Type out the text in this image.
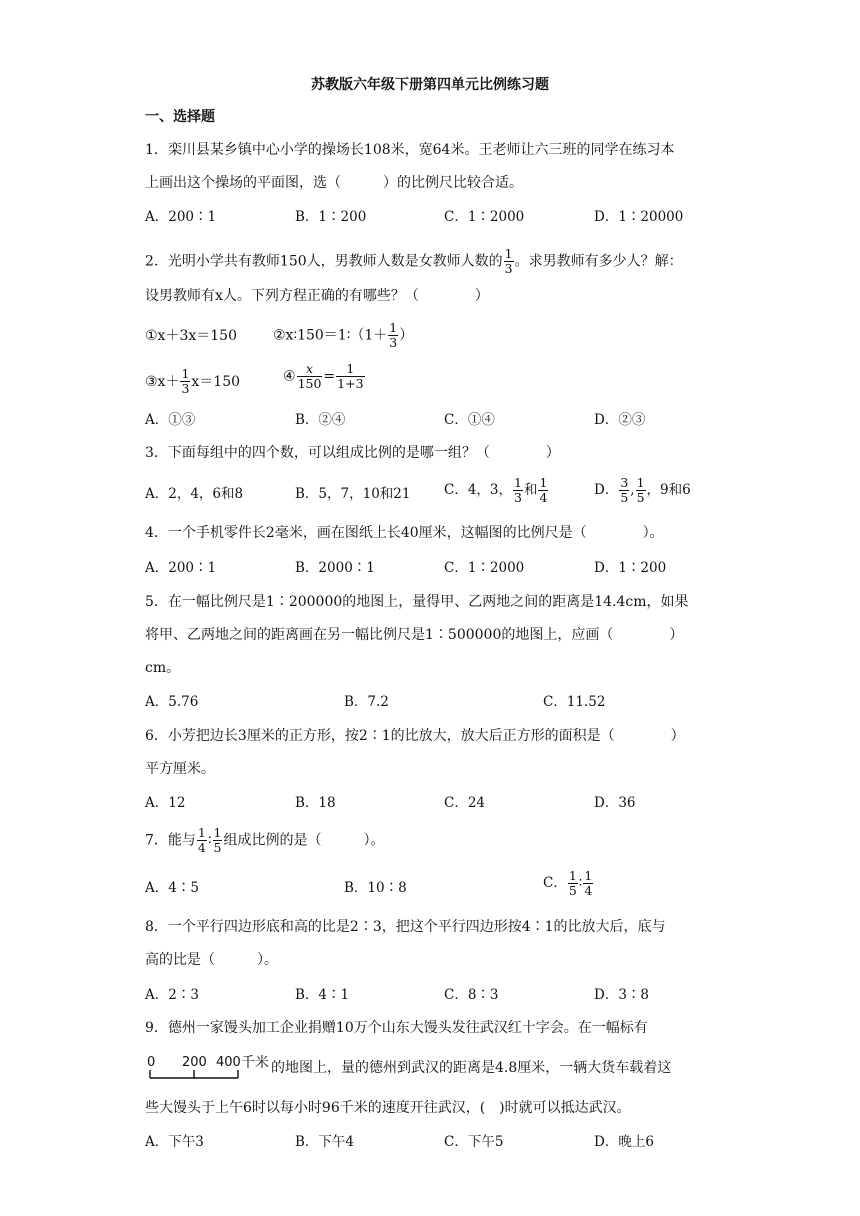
苏教版六年级下册第四单元比例练习题
一、选择题
1．栾川县某乡镇中心小学的操场长108米，宽64米。王老师让六三班的同学在练习本
上画出这个操场的平面图，选（　　　）的比例尺比较合适。
A．200∶1	B．1∶200	C．1∶2000	D．1∶20000
2．光明小学共有教师150人，男教师人数是女教师人数的 $\frac{1}{3}$ 。求男教师有多少人？解：
设男教师有x人。下列方程正确的有哪些？（　　　　）
①x＋3x＝150	②x∶150＝1∶（1＋ $\frac{1}{3}$ ）
③x＋ $\frac{1}{3} x=150$	④ $\frac{x}{150} = \frac{1}{1+3}$
A．①③	B．②④	C．①④	D．②③
3．下面每组中的四个数，可以组成比例的是哪一组？（　　　　）
A．2，4，6和8	B．5，7，10和21 C．4，3， $\frac{1}{3}$ 和 $\frac{1}{4}$	D． $\frac{3}{5}$ , $\frac{1}{5}$ ，9和6
4．一个手机零件长2毫米，画在图纸上长40厘米，这幅图的比例尺是（　　　　）。
A．200∶1	B．2000∶1	C．1∶2000	D．1∶200
5．在一幅比例尺是1∶200000的地图上，量得甲、乙两地之间的距离是14.4cm，如果
将甲、乙两地之间的距离画在另一幅比例尺是1∶500000的地图上，应画（　　　　）
cm。
A．5.76	B．7.2	C．11.52
6．小芳把边长3厘米的正方形，按2∶1的比放大，放大后正方形的面积是（　　　　）
平方厘米。
A．12	B．18	C．24	D．36
7．能与 $\frac{1}{4}$ ∶ $\frac{1}{5}$ 组成比例的是（　　　）。
A．4∶5	B．10∶8	C． $\frac{1}{5}$ ∶ $\frac{1}{4}$
8．一个平行四边形底和高的比是2∶3，把这个平行四边形按4∶1的比放大后，底与
高的比是（　　　）。
A．2∶3	B．4∶1	C．8∶3	D．3∶8
9．德州一家馒头加工企业捐赠10万个山东大馒头发往武汉红十字会。在一幅标有
0 200 400 千米 的地图上，量的德州到武汉的距离是4.8厘米，一辆大货车载着这
些大馒头于上午6时以每小时96千米的速度开往武汉，(　)时就可以抵达武汉。
A．下午3	B．下午4	C．下午5	D．晚上6
